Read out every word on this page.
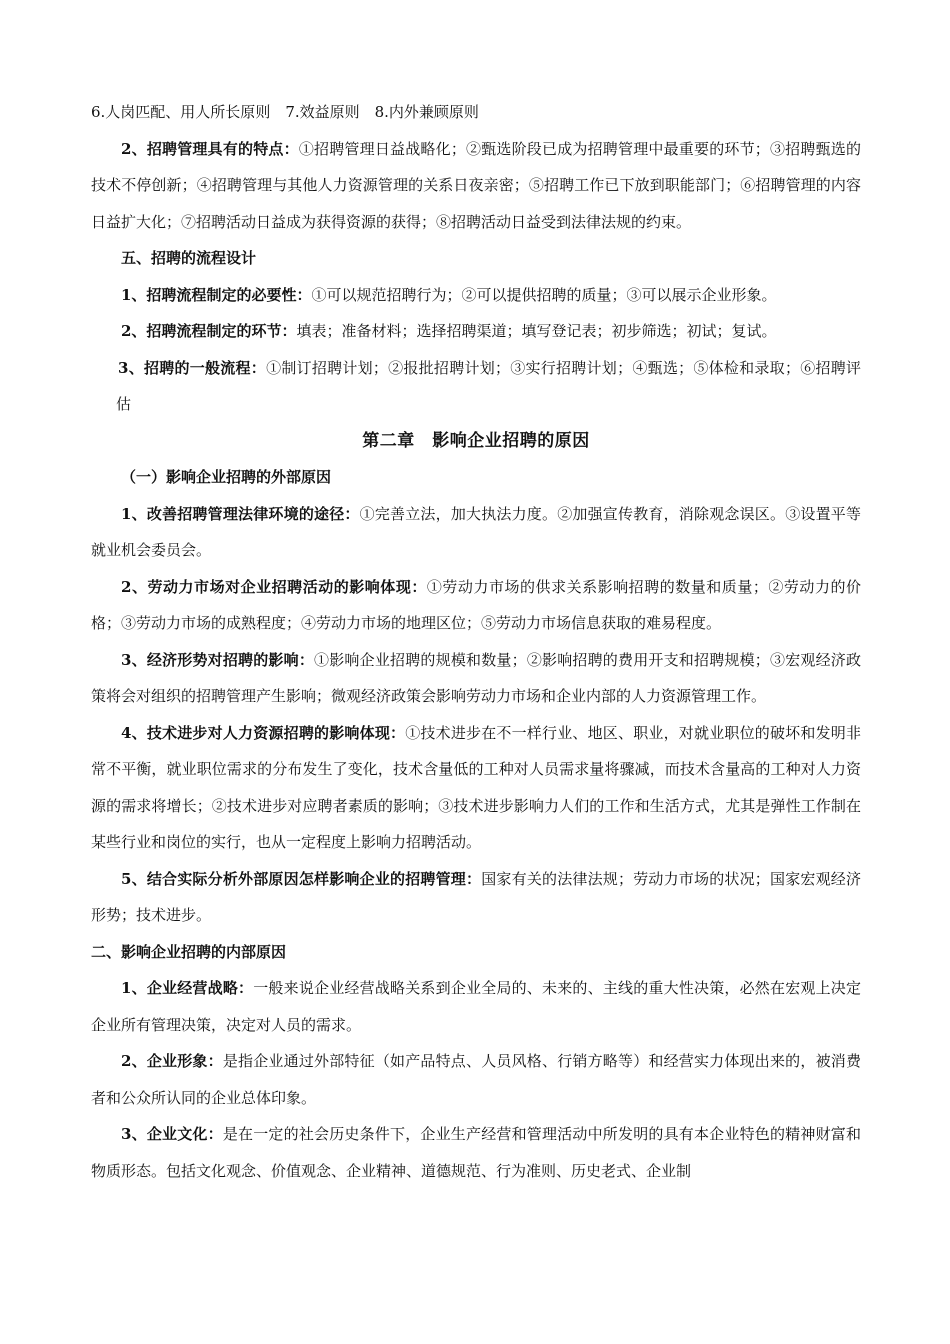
6.人岗匹配、用人所长原则　7.效益原则　8.内外兼顾原则

2、招聘管理具有的特点：①招聘管理日益战略化；②甄选阶段已成为招聘管理中最重要的环节；③招聘甄选的技术不停创新；④招聘管理与其他人力资源管理的关系日夜亲密；⑤招聘工作已下放到职能部门；⑥招聘管理的内容日益扩大化；⑦招聘活动日益成为获得资源的获得；⑧招聘活动日益受到法律法规的约束。

五、招聘的流程设计

1、招聘流程制定的必要性：①可以规范招聘行为；②可以提供招聘的质量；③可以展示企业形象。

2、招聘流程制定的环节：填表；准备材料；选择招聘渠道；填写登记表；初步筛选；初试；复试。

3、招聘的一般流程：①制订招聘计划；②报批招聘计划；③实行招聘计划；④甄选；⑤体检和录取；⑥招聘评估

第二章　影响企业招聘的原因

（一）影响企业招聘的外部原因

1、改善招聘管理法律环境的途径：①完善立法，加大执法力度。②加强宣传教育，消除观念误区。③设置平等就业机会委员会。

2、劳动力市场对企业招聘活动的影响体现：①劳动力市场的供求关系影响招聘的数量和质量；②劳动力的价格；③劳动力市场的成熟程度；④劳动力市场的地理区位；⑤劳动力市场信息获取的难易程度。

3、经济形势对招聘的影响：①影响企业招聘的规模和数量；②影响招聘的费用开支和招聘规模；③宏观经济政策将会对组织的招聘管理产生影响；微观经济政策会影响劳动力市场和企业内部的人力资源管理工作。

4、技术进步对人力资源招聘的影响体现：①技术进步在不一样行业、地区、职业，对就业职位的破坏和发明非常不平衡，就业职位需求的分布发生了变化，技术含量低的工种对人员需求量将骤减，而技术含量高的工种对人力资源的需求将增长；②技术进步对应聘者素质的影响；③技术进步影响力人们的工作和生活方式，尤其是弹性工作制在某些行业和岗位的实行，也从一定程度上影响力招聘活动。

5、结合实际分析外部原因怎样影响企业的招聘管理：国家有关的法律法规；劳动力市场的状况；国家宏观经济形势；技术进步。

二、影响企业招聘的内部原因

1、企业经营战略：一般来说企业经营战略关系到企业全局的、未来的、主线的重大性决策，必然在宏观上决定企业所有管理决策，决定对人员的需求。

2、企业形象：是指企业通过外部特征（如产品特点、人员风格、行销方略等）和经营实力体现出来的，被消费者和公众所认同的企业总体印象。

3、企业文化：是在一定的社会历史条件下，企业生产经营和管理活动中所发明的具有本企业特色的精神财富和物质形态。包括文化观念、价值观念、企业精神、道德规范、行为准则、历史老式、企业制
